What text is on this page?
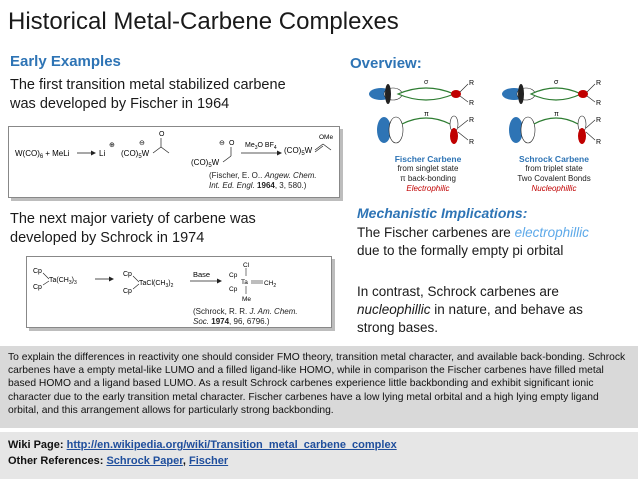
Historical Metal-Carbene Complexes
Early Examples
The first transition metal stabilized carbene
was developed by Fischer in 1964
$W(CO)_6$ + MeLi	Li
⊕
$(CO)_5W$
⊖
O
$(CO)_5W$
⊖ O $Me_3O$ $BF_4$ $(CO)_5W$
OMe
(Fischer, E. O.. Angew. Chem.
Int. Ed. Engl. 1964, 3, 580.)
The next major variety of carbene was
developed by Schrock in 1974
Cp
Cp
$Ta(CH_3)_3$
Cp
Cp
$TaCl(CH_3)_2$
Base
Cl
Cp
Cp
Ta $CH_2$
Me
(Schrock, R. R. J. Am. Chem.
Soc. 1974, 96, 6796.)
Overview:
σ	R
R
π
R
R
σ	R
R
π
R
R
Fischer Carbene
from singlet state
π back-bonding
Electrophilic
Schrock Carbene
from triplet state
Two Covalent Bonds
Nucleophillic
Mechanistic Implications:
The Fischer carbenes are electrophillic
due to the formally empty pi orbital
In contrast, Schrock carbenes are
nucleophillic in nature, and behave as
strong bases.
To explain the differences in reactivity one should consider FMO theory, transition metal character, and available back-bonding. Schrock carbenes have a empty metal-like LUMO and a filled ligand-like HOMO, while in comparison the Fischer carbenes have filled metal based HOMO and a ligand based LUMO. As a result Schrock carbenes experience little backbonding and exhibit significant ionic character due to the early transition metal character. Fischer carbenes have a low lying metal orbital and a high lying empty ligand orbital, and this arrangement allows for particularly strong backbonding.
Wiki Page: http://en.wikipedia.org/wiki/Transition_metal_carbene_complex
Other References: Schrock Paper, Fischer
